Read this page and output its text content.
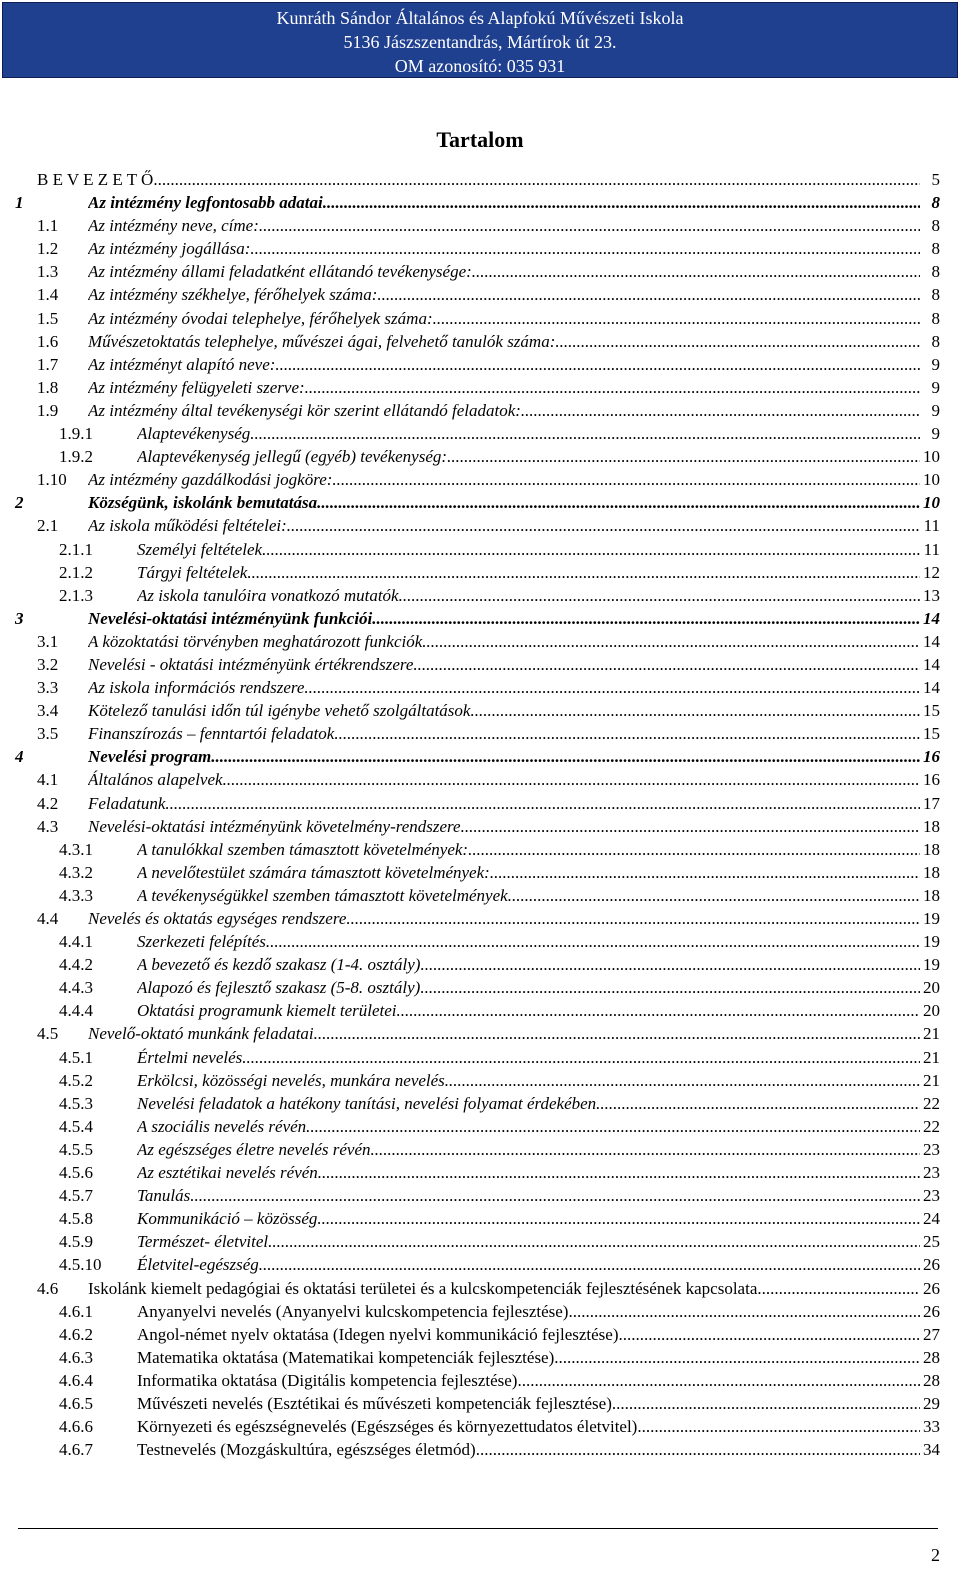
Kunráth Sándor Általános és Alapfokú Művészeti Iskola
5136 Jászszentandrás, Mártírok út 23.
OM azonosító: 035 931
Tartalom
B E V E Z E T Ő .....	5
1	Az intézmény legfontosabb adatai .....	8
1.1 Az intézmény neve, címe: .....	8
1.2 Az intézmény jogállása: .....	8
1.3 Az intézmény állami feladatként ellátandó tevékenysége: .....	8
1.4 Az intézmény székhelye, férőhelyek száma: .....	8
1.5 Az intézmény óvodai telephelye, férőhelyek száma: .....	8
1.6 Művészetoktatás telephelye, művészei ágai, felvehető tanulók száma: .....	8
1.7 Az intézményt alapító neve: .....	9
1.8 Az intézmény felügyeleti szerve: .....	9
1.9 Az intézmény által tevékenységi kör szerint ellátandó feladatok: .....	9
1.9.1	Alaptevékenység .....	9
1.9.2	Alaptevékenység jellegű (egyéb) tevékenység: .....	10
1.10 Az intézmény gazdálkodási jogköre: .....	10
2	Községünk, iskolánk bemutatása .....	10
2.1 Az iskola működési feltételei: .....	11
2.1.1	Személyi feltételek .....	11
2.1.2	Tárgyi feltételek .....	12
2.1.3	Az iskola tanulóira vonatkozó mutatók .....	13
3	Nevelési-oktatási intézményünk funkciói .....	14
3.1 A közoktatási törvényben meghatározott funkciók. .....	14
3.2 Nevelési - oktatási intézményünk értékrendszere .....	14
3.3 Az iskola információs rendszere .....	14
3.4 Kötelező tanulási időn túl igénybe vehető szolgáltatások .....	15
3.5 Finanszírozás – fenntartói feladatok .....	15
4	Nevelési program .....	16
4.1 Általános alapelvek .....	16
4.2 Feladatunk .....	17
4.3 Nevelési-oktatási intézményünk követelmény-rendszere .....	18
4.3.1	A tanulókkal szemben támasztott követelmények: .....	18
4.3.2	A nevelőtestület számára támasztott követelmények: .....	18
4.3.3	A tevékenységükkel szemben támasztott követelmények .....	18
4.4 Nevelés és oktatás egységes rendszere .....	19
4.4.1	Szerkezeti felépítés .....	19
4.4.2	A bevezető és kezdő szakasz (1-4. osztály) .....	19
4.4.3	Alapozó és fejlesztő szakasz (5-8. osztály) .....	20
4.4.4	Oktatási programunk kiemelt területei .....	20
4.5 Nevelő-oktató munkánk feladatai .....	21
4.5.1	Értelmi nevelés .....	21
4.5.2	Erkölcsi, közösségi nevelés, munkára nevelés .....	21
4.5.3	Nevelési feladatok a hatékony tanítási, nevelési folyamat érdekében .....	22
4.5.4	A szociális nevelés révén .....	22
4.5.5	Az egészséges életre nevelés révén .....	23
4.5.6	Az esztétikai nevelés révén .....	23
4.5.7	Tanulás .....	23
4.5.8	Kommunikáció – közösség .....	24
4.5.9	Természet- életvitel .....	25
4.5.10 Életvitel-egészség .....	26
4.6 Iskolánk kiemelt pedagógiai és oktatási területei és a kulcskompetenciák fejlesztésének kapcsolata .....	26
4.6.1	Anyanyelvi nevelés (Anyanyelvi kulcskompetencia fejlesztése) .....	26
4.6.2	Angol-német nyelv oktatása (Idegen nyelvi kommunikáció fejlesztése) .....	27
4.6.3	Matematika oktatása (Matematikai kompetenciák fejlesztése) .....	28
4.6.4	Informatika oktatása (Digitális kompetencia fejlesztése) .....	28
4.6.5	Művészeti nevelés (Esztétikai és művészeti kompetenciák fejlesztése) .....	29
4.6.6	Környezeti és egészségnevelés (Egészséges és környezettudatos életvitel) .....	33
4.6.7	Testnevelés (Mozgáskultúra, egészséges életmód) .....	34
2
